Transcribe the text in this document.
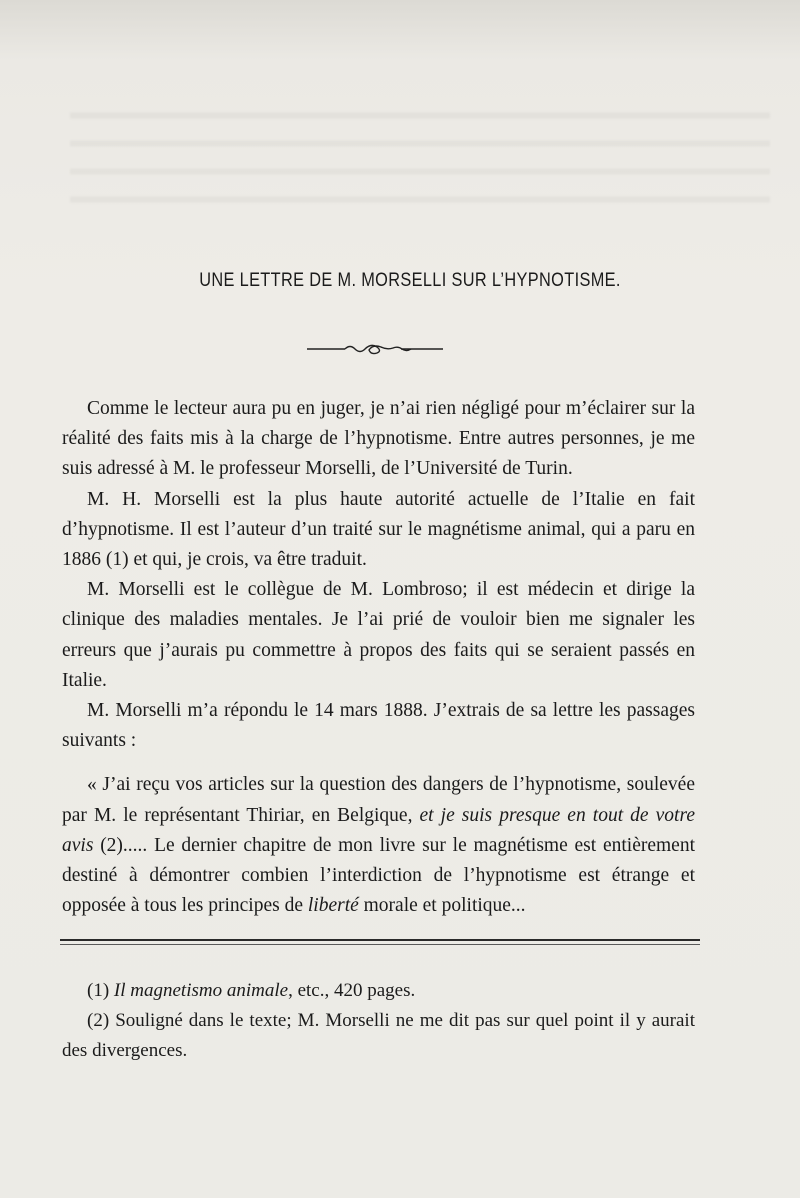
UNE LETTRE DE M. MORSELLI SUR L’HYPNOTISME.

Comme le lecteur aura pu en juger, je n’ai rien négligé pour m’éclairer sur la réalité des faits mis à la charge de l’hypnotisme. Entre autres personnes, je me suis adressé à M. le professeur Morselli, de l’Université de Turin.

M. H. Morselli est la plus haute autorité actuelle de l’Italie en fait d’hypnotisme. Il est l’auteur d’un traité sur le magnétisme animal, qui a paru en 1886 (1) et qui, je crois, va être traduit.

M. Morselli est le collègue de M. Lombroso; il est médecin et dirige la clinique des maladies mentales. Je l’ai prié de vouloir bien me signaler les erreurs que j’aurais pu commettre à propos des faits qui se seraient passés en Italie.

M. Morselli m’a répondu le 14 mars 1888. J’extrais de sa lettre les passages suivants :

« J’ai reçu vos articles sur la question des dangers de l’hypnotisme, soulevée par M. le représentant Thiriar, en Belgique, et je suis presque en tout de votre avis (2)..... Le dernier chapitre de mon livre sur le magnétisme est entièrement destiné à démontrer combien l’interdiction de l’hypnotisme est étrange et opposée à tous les principes de liberté morale et politique...

(1) Il magnetismo animale, etc., 420 pages.

(2) Souligné dans le texte; M. Morselli ne me dit pas sur quel point il y aurait des divergences.
